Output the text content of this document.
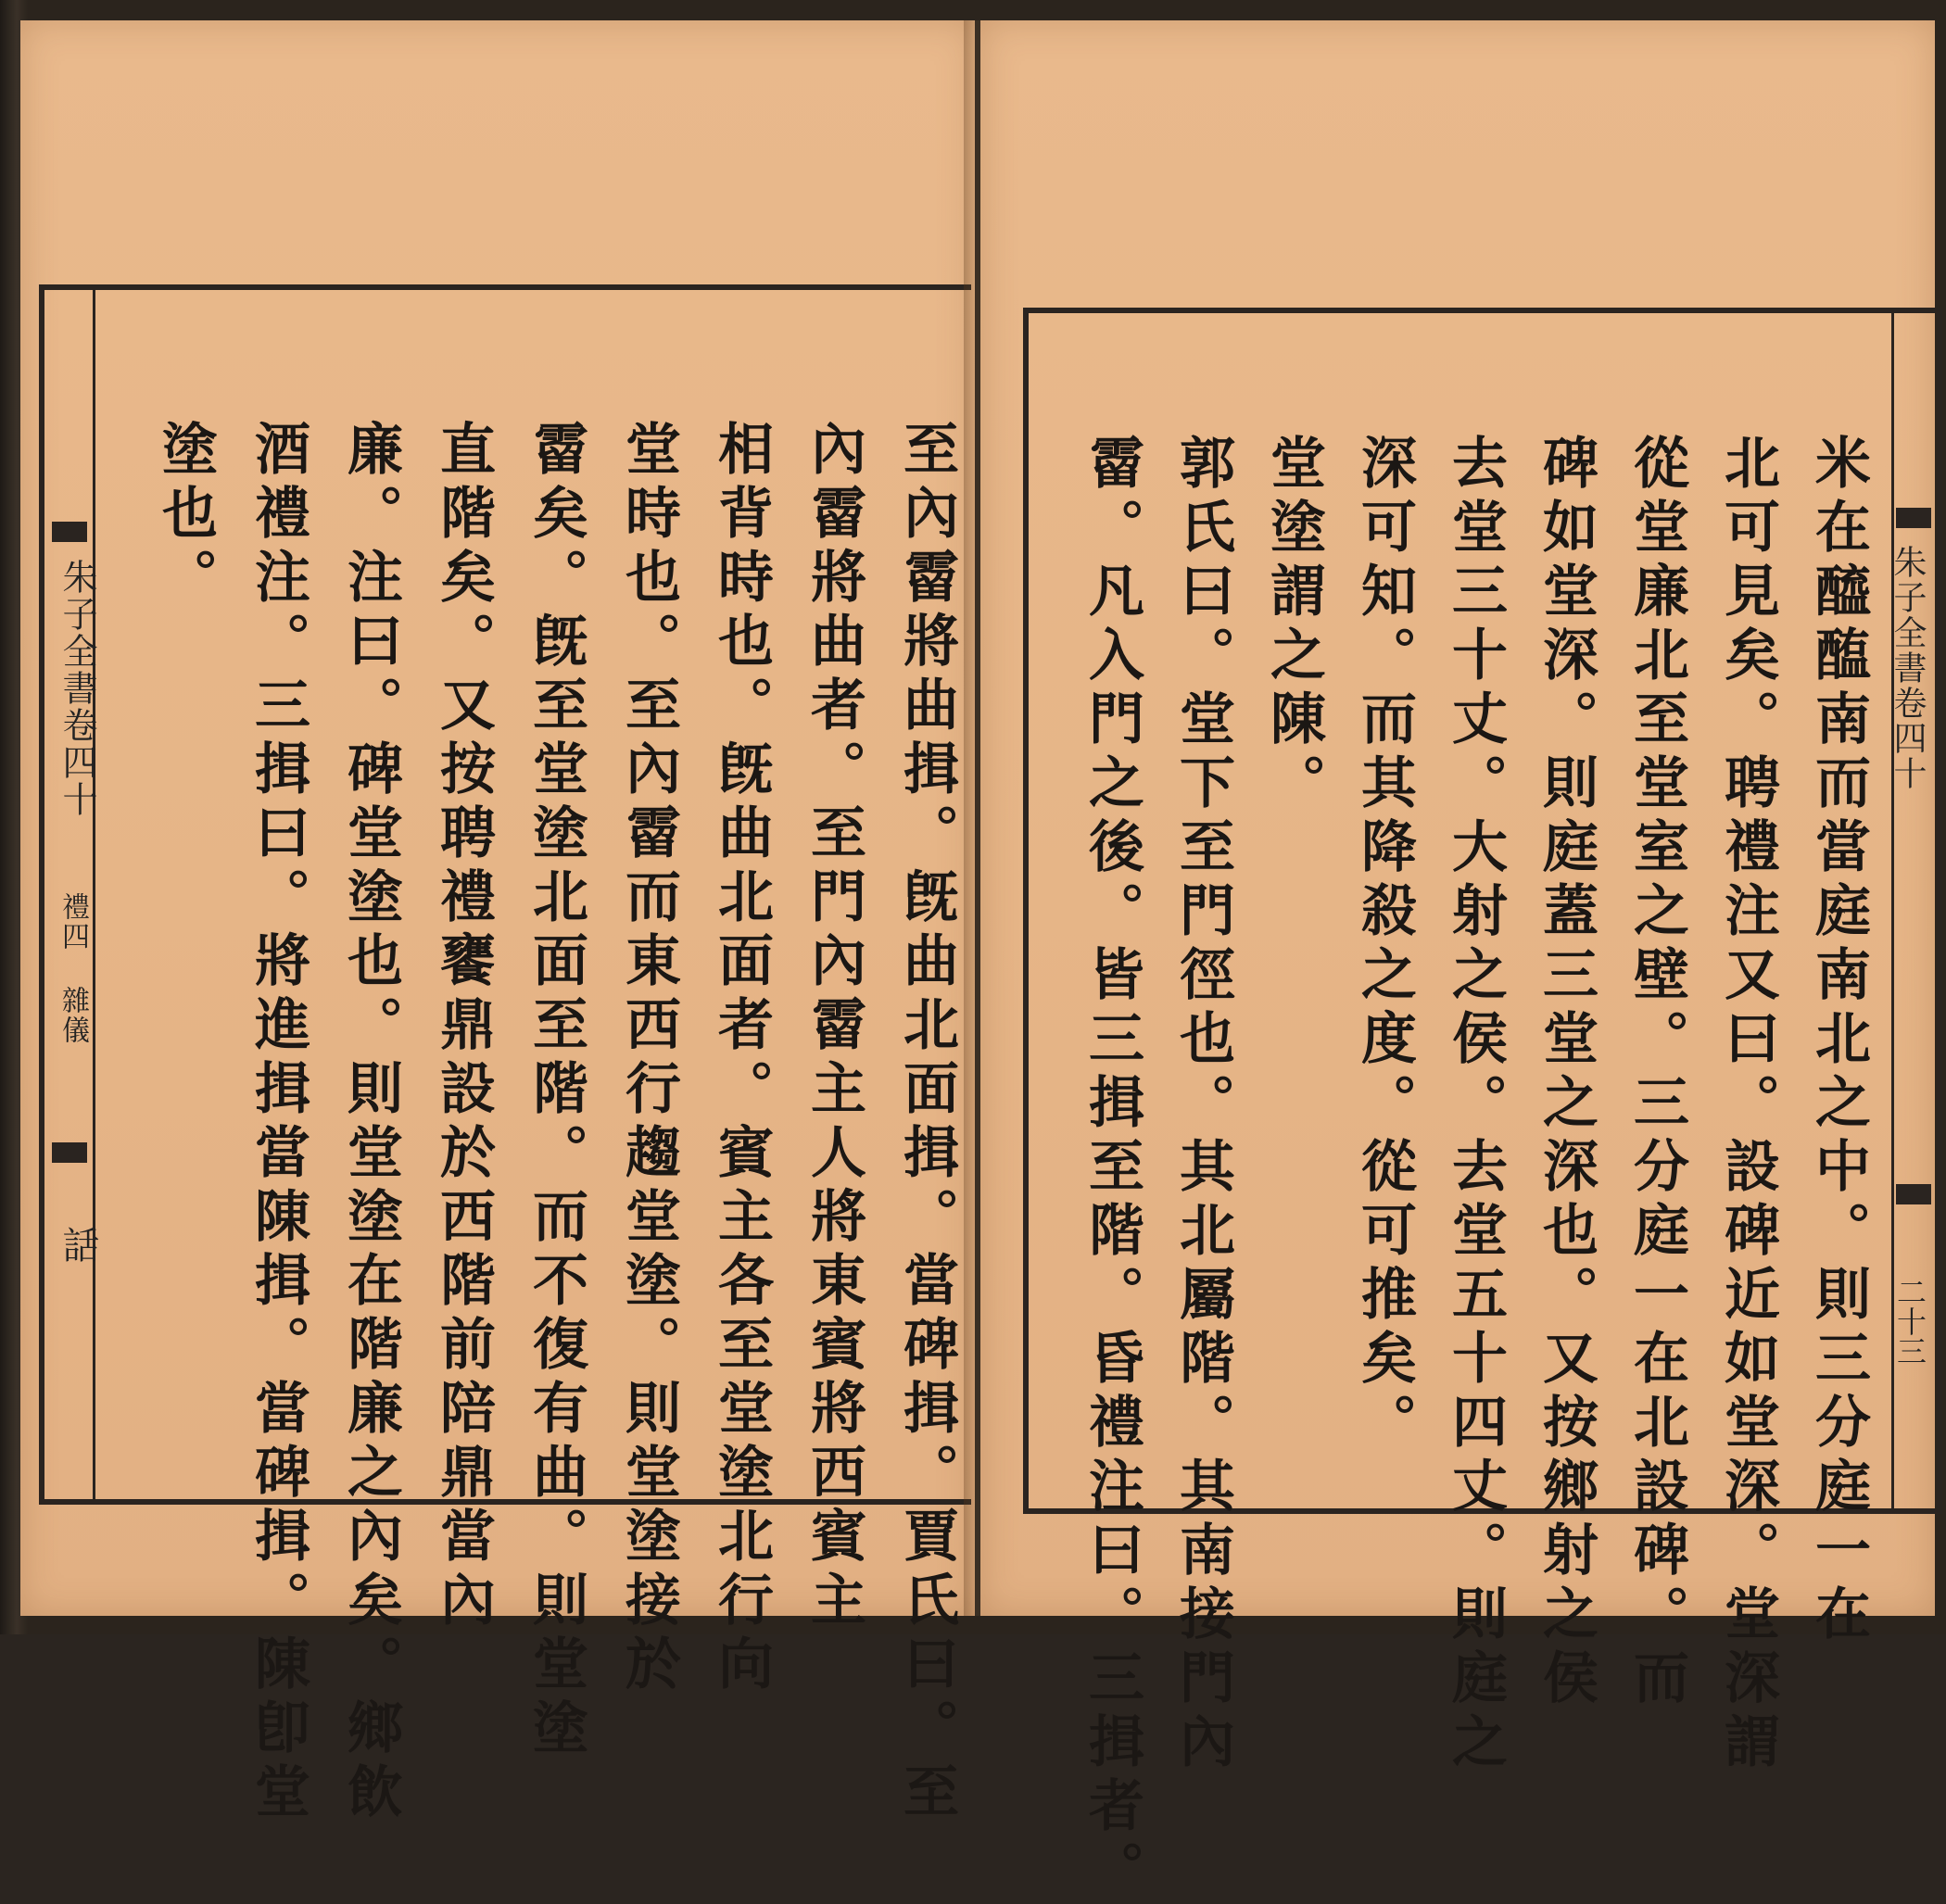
朱子全書卷四十
禮四 雜儀
話	至內霤將曲揖。旣曲北面揖。當碑揖。賈氏曰。至
內霤將曲者。至門內霤主人將東賓將西賓主
相背時也。旣曲北面者。賓主各至堂塗北行向
堂時也。至內霤而東西行趨堂塗。則堂塗接於
霤矣。旣至堂塗北面至階。而不復有曲。則堂塗
直階矣。又按聘禮饔鼎設於西階前陪鼎當內
廉。注曰。碑堂塗也。則堂塗在階廉之內矣。鄉飲
酒禮注。三揖曰。將進揖當陳揖。當碑揖。陳卽堂
塗也。
朱子全書卷四十
二十三
米在醯醢南而當庭南北之中。則三分庭一在
北可見矣。聘禮注又曰。設碑近如堂深。堂深謂
從堂廉北至堂室之壁。三分庭一在北設碑。而
碑如堂深。則庭蓋三堂之深也。又按鄉射之侯
去堂三十丈。大射之侯。去堂五十四丈。則庭之
深可知。而其降殺之度。從可推矣。
堂塗謂之陳。
郭氏曰。堂下至門徑也。其北屬階。其南接門內
霤。凡入門之後。皆三揖至階。昏禮注曰。三揖者。
